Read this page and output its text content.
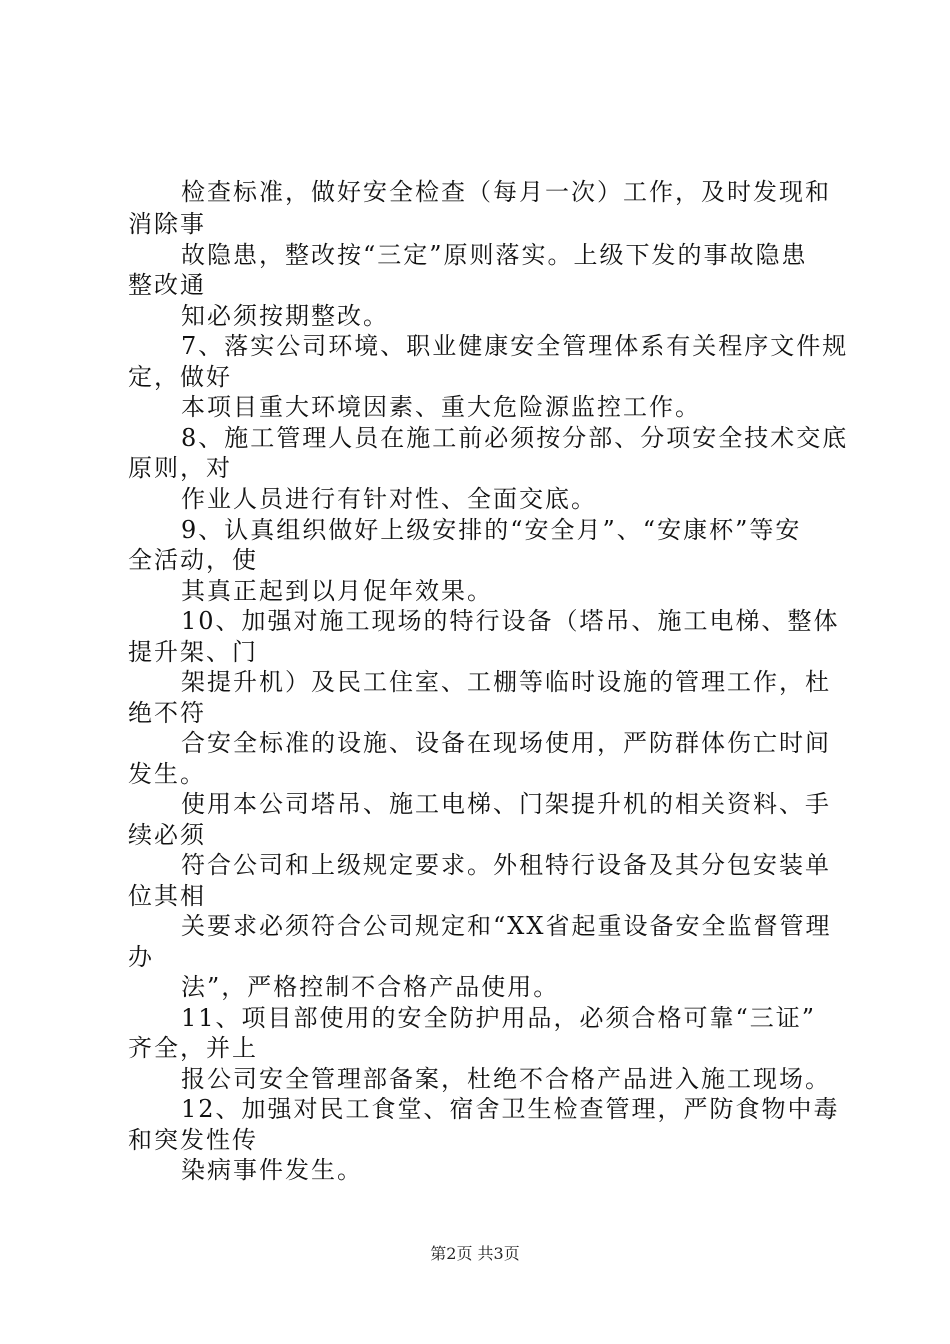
检查标准，做好安全检查（每月一次）工作，及时发现和
消除事
故隐患，整改按“三定”原则落实。上级下发的事故隐患
整改通
知必须按期整改。
7、落实公司环境、职业健康安全管理体系有关程序文件规
定，做好
本项目重大环境因素、重大危险源监控工作。
8、施工管理人员在施工前必须按分部、分项安全技术交底
原则，对
作业人员进行有针对性、全面交底。
9、认真组织做好上级安排的“安全月”、“安康杯”等安
全活动，使
其真正起到以月促年效果。
10、加强对施工现场的特行设备（塔吊、施工电梯、整体
提升架、门
架提升机）及民工住室、工棚等临时设施的管理工作，杜
绝不符
合安全标准的设施、设备在现场使用，严防群体伤亡时间
发生。
使用本公司塔吊、施工电梯、门架提升机的相关资料、手
续必须
符合公司和上级规定要求。外租特行设备及其分包安装单
位其相
关要求必须符合公司规定和“XX省起重设备安全监督管理
办
法”，严格控制不合格产品使用。
11、项目部使用的安全防护用品，必须合格可靠“三证”
齐全，并上
报公司安全管理部备案，杜绝不合格产品进入施工现场。
12、加强对民工食堂、宿舍卫生检查管理，严防食物中毒
和突发性传
染病事件发生。
第2页 共3页
